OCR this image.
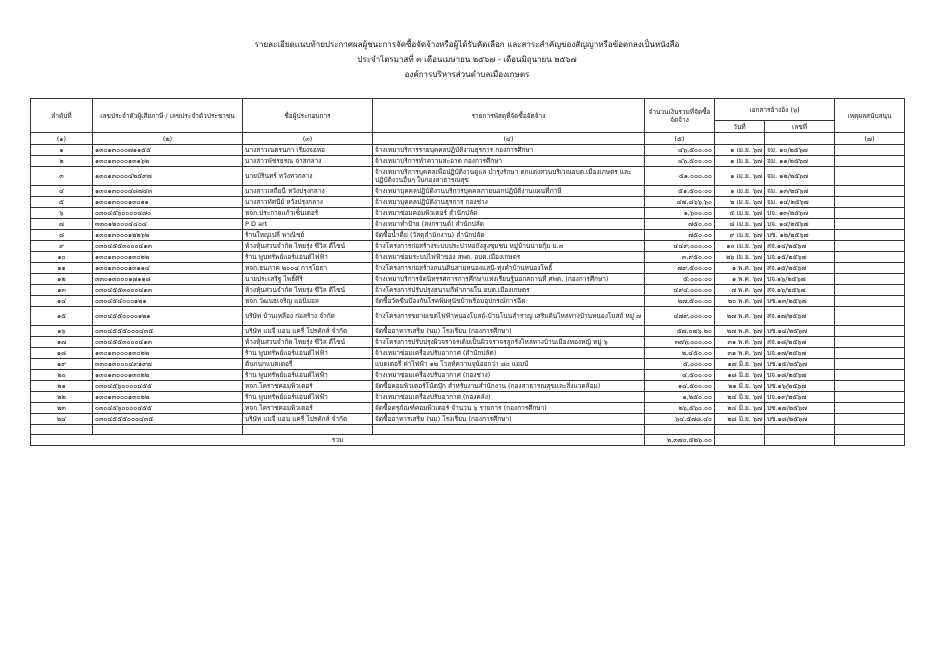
รายละเอียดแนบท้ายประกาศผลผู้ชนะการจัดซื้อจัดจ้างหรือผู้ได้รับคัดเลือก และสาระสำคัญของสัญญาหรือข้อตกลงเป็นหนังสือ
ประจำไตรมาสที่ ๓ เดือนเมษายน ๒๕๖๗ - เดือนมิถุนายน ๒๕๖๗
องค์การบริหารส่วนตำบลเมืองเกษตร
ลำดับที่	เลขประจำตัวผู้เสียภาษี / เลขประจำตัวประชาชน	ชื่อผู้ประกอบการ	รายการพัสดุที่จัดซื้อจัดจ้าง	จำนวนเงินรวมที่จัดซื้อจัดจ้าง	เอกสารอ้างอิง (๖)		เหตุผลสนับสนุน
					วันที่	เลขที่	
(๑)	(๒)	(๓)	(๔)	(๕)			(๗)
๑	๑๓๐๑๓๐๐๐๗๑๑๕๕	นางสาวเนตรนภา เรียงจอหอ	จ้างเหมาบริการรายบุคคลปฏิบัติงานธุรการ กองการศึกษา	๔๖,๕๐๐.๐๐	๑ เม.ย. ๖๗	จม. ๑๐/๒๕๖๗	
๒	๑๓๐๑๓๐๐๐๑๓๑๖๒	นางสาวพัชรธรณ จ่าสกลาง	จ้างเหมาบริการทำความสะอาด กองการศึกษา	๔๖,๕๐๐.๐๐	๑ เม.ย. ๖๗	จม. ๑๑/๒๕๖๗	
๓	๑๓๐๑๓๐๐๐๔๒๕๙๗	นายบัรินทร์ หวังทวกลาง	จ้างเหมาบริการบุคคลเพื่อปฏิบัติงานดูแล บำรุงรักษา ตกแต่งสวนบริเวณอบต.เมืองเกษตร และปฏิบัติงานอื่นๆ ในกองสาธารณสุข	๕๑,๐๐๐.๐๐	๑ เม.ย. ๖๗	จม. ๑๒/๒๕๖๗	
๔	๑๓๐๑๓๐๐๐๔๘๗๔๓	นางสาวเสถียนี หวังปรุงกลาง	จ้างเหมาบุคคลปฏิบัติงานบริการบุคคลภายนอกปฏิบัติงานแผนที่ภาษี	๕๑,๕๐๐.๐๐	๑ เม.ย. ๖๗	จม. ๑๓/๒๕๖๗	
๕	๑๓๐๑๓๐๐๐๑๓๐๑๑	นางสาวทัศนีย์ หวังปรุงกลาง	จ้างเหมาบุคคลปฏิบัติงานธุรการ กองช่าง	๔๗,๘๖๖.๖๐	๒ เม.ย. ๖๗	จม. ๑๔/๒๕๖๗	
๖	๐๓๐๔๕๖๐๐๐๐๔๗๐	หจก.ประกายแก้วเซ็นเตอร์	จ้างเหมาซ่อมคอมพิวเตอร์ สำนักปลัด	๑,๖๐๐.๐๐	๕ เม.ย. ๖๗	บจ. ๑๓/๒๕๖๗	
๗	๓๓๐๑๒๐๐๐๔๔๐๔	P D art	จ้างเหมาทำป้าย (สงกรานต์) สำนักปลัด	๗๕๐.๐๐	๘ เม.ย. ๖๗	บจ. ๑๔/๒๕๖๗	
๘	๑๓๐๑๓๐๐๐๑๒๒๖๒	ร้านใหญ่เปลี่ พาณิชย์	จัดซื้อน้ำดื่ม (วัสดุสำนักงาน) สำนักปลัด	๗๕๐.๐๐	๙ เม.ย. ๖๗	บซ. ๑๒/๒๕๖๗	
๙	๐๓๐๔๕๕๓๐๐๐๔๑๓	ห้างหุ้นส่วนจำกัด ไทยรุ่ง ซีวิล ดีไซน์	จ้างโครงการก่อสร้างระบบประปาหอถังสูงชุมชน หมู่บ้านนายกุ้ม ม.๓	๔๔๙,๐๐๐.๐๐	๑๐ เม.ย. ๖๗	สจ.๑๔/๒๕๖๗	
๑๐	๑๓๐๑๓๐๐๐๑๓๐๒๒	ร้าน พูนทรัพย์แอร์แอนด์ไฟฟ้า	จ้างเหมาซ่อมระบบไฟฟ้าของ สพด. อบต.เมืองเกษตร	๓,๙๕๐.๐๐	๒๖ เม.ย. ๖๗	บจ.๑๕/๒๕๖๗	
๑๑	๑๓๐๑๓๐๐๐๑๓๑๑๔	หจก.ธนภาค ๒๐๐๔ การโยธา	จ้างโครงการก่อสร้างถนนดินสายหนองแสนิ-ทุ่งคำบ้านหนองโพธิ์	๗๙,๕๐๐.๐๐	๑ พ.ค. ๖๗	สจ.๑๕/๒๕๖๗	
๑๒	๓๓๐๑๓๐๐๐๑๗๑๑๘	นายประเสริฐ โพธิ์ศิริ	จ้างเหมาบริการจัดนิทรรศการการศึกษาแห่งเรียนรู้นอกสถานที่ ศพด. (กองการศึกษา)	๕,๐๐๐.๐๐	๑ พ.ค. ๖๗	บจ.๑๖/๒๕๖๗	
๑๓	๐๓๐๔๕๕๓๐๐๐๔๑๓	ห้างหุ้นส่วนจำกัด ไทยรุ่ง ซีวิล ดีไซน์	จ้างโครงการปรับปรุงสนามกีฬาภายใน อบต.เมืองเกษตร	๔๙๔,๐๐๐.๐๐	๗ พ.ค. ๖๗	สจ.๑๖/๒๕๖๗	
๑๔	๐๓๐๔๕๔๐๐๐๑๒๑	หจก.วัฒนธเจริญ แอนิมอล	จัดซื้อวัคซีนป้องกันโรคพิษสุนัขบ้าพร้อมอุปกรณ์การฉีด	๒๗,๕๐๐.๐๐	๒๐ พ.ค. ๖๗	บซ.๑๓/๒๕๖๗	
๑๕	๐๓๐๔๕๕๐๐๐๐๑๒๑	บริษัท บ้านเหลือง ก่อสร้าง จำกัด	จ้างโครงการขยายเขตไฟฟ้าหนองโบสถ์-บ้านโนนสำราญ เสริมดินไหล่ทางบ้านหนองโบสถ์ หมู่ ๗	๔๗๙,๐๐๐.๐๐	๒๗ พ.ค. ๖๗	สจ.๑๗/๒๕๖๗	
๑๖	๐๓๐๔๕๕๕๐๐๐๔๓๕	บริษัท แมจี แอน แครี่ โปรดักส์ จำกัด	จัดซื้ออาหารเสริม (นม) โรงเรียน (กองการศึกษา)	๕๗,๐๗๖.๒๐	๒๗ พ.ค. ๖๗	บซ.๑๔/๒๕๖๗	
๑๗	๐๓๐๔๕๕๓๐๐๐๔๑๓	ห้างหุ้นส่วนจำกัด ไทยรุ่ง ซีวิล ดีไซน์	จ้างโครงการปรับปรุงผิวจราจรเดิมเป็นผิวจราจรลูกรังไหล่ทางบ้านเมืองทองหญ้ หมู่ ๖	๓๗๖,๐๐๐.๐๐	๓๑ พ.ค. ๖๗	สจ.๑๘/๒๕๖๗	
๑๘	๑๓๐๑๓๐๐๐๑๓๐๒๒	ร้าน พูนทรัพย์แอร์แอนด์ไฟฟ้า	จ้างเหมาซ่อมเครื่องปรับอากาศ (สำนักปลัด)	๒,๔๕๐.๐๐	๓๑ พ.ค. ๖๗	บจ.๑๗/๒๕๖๗	
๑๙	๓๓๐๑๓๐๐๐๔๙๑๙๗	ต้นกนกแบตเตอรี่	แบตเตอรี่ ค่าไฟฟ้า ๑๒ โวลท์ความจุน้อยกว่า ๘๐ แอมป์	๕,๐๐๐.๐๐	๑๗ มิ.ย. ๖๗	บซ.๑๕/๒๕๖๗	
๒๐	๑๓๐๑๓๐๐๐๑๓๐๒๒	ร้าน พูนทรัพย์แอร์แอนด์ไฟฟ้า	จ้างเหมาซ่อมเครื่องปรับอากาศ (กองช่าง)	๔,๕๐๐.๐๐	๑๘ มิ.ย. ๖๗	บจ.๑๘/๒๕๖๗	
๒๑	๐๓๐๔๕๖๐๐๐๐๔๕๕	หจก.โคราชคอมพิวเตอร์	จัดซื้อคอมพิวเตอร์โน้ตบุ๊ก สำหรับงานสำนักงาน (กองสาธารณสุขและสิ่งแวดล้อม)	๑๔,๕๐๐.๐๐	๒๑ มิ.ย. ๖๗	บซ.๑๖/๒๕๖๗	
๒๒	๑๓๐๑๓๐๐๐๑๓๐๒๒	ร้าน พูนทรัพย์แอร์แอนด์ไฟฟ้า	จ้างเหมาซ่อมเครื่องปรับอากาศ (กองคลัง)	๑,๒๕๐.๐๐	๒๔ มิ.ย. ๖๗	บจ.๑๙/๒๕๖๗	
๒๓	๐๓๐๔๕๖๐๐๐๐๔๕๕	หจก.โคราชคอมพิวเตอร์	จัดซื้อครุภัณฑ์คอมพิวเตอร์ จำนวน ๖ รายการ (กองการศึกษา)	๒๖,๕๖๐.๐๐	๒๔ มิ.ย. ๖๗	บซ.๑๗/๒๕๖๗	
๒๔	๐๓๐๔๕๕๕๐๐๐๔๓๕	บริษัท แมจี แอน แครี่ โปรดักส์ จำกัด	จัดซื้ออาหารเสริม (นม) โรงเรียน (กองการศึกษา)	๖๔,๕๗๘.๔๐	๒๘ มิ.ย. ๖๗	บซ.๑๘/๒๕๖๗	

รวม				๒,๓๗๐,๕๒๖.๐๐			
